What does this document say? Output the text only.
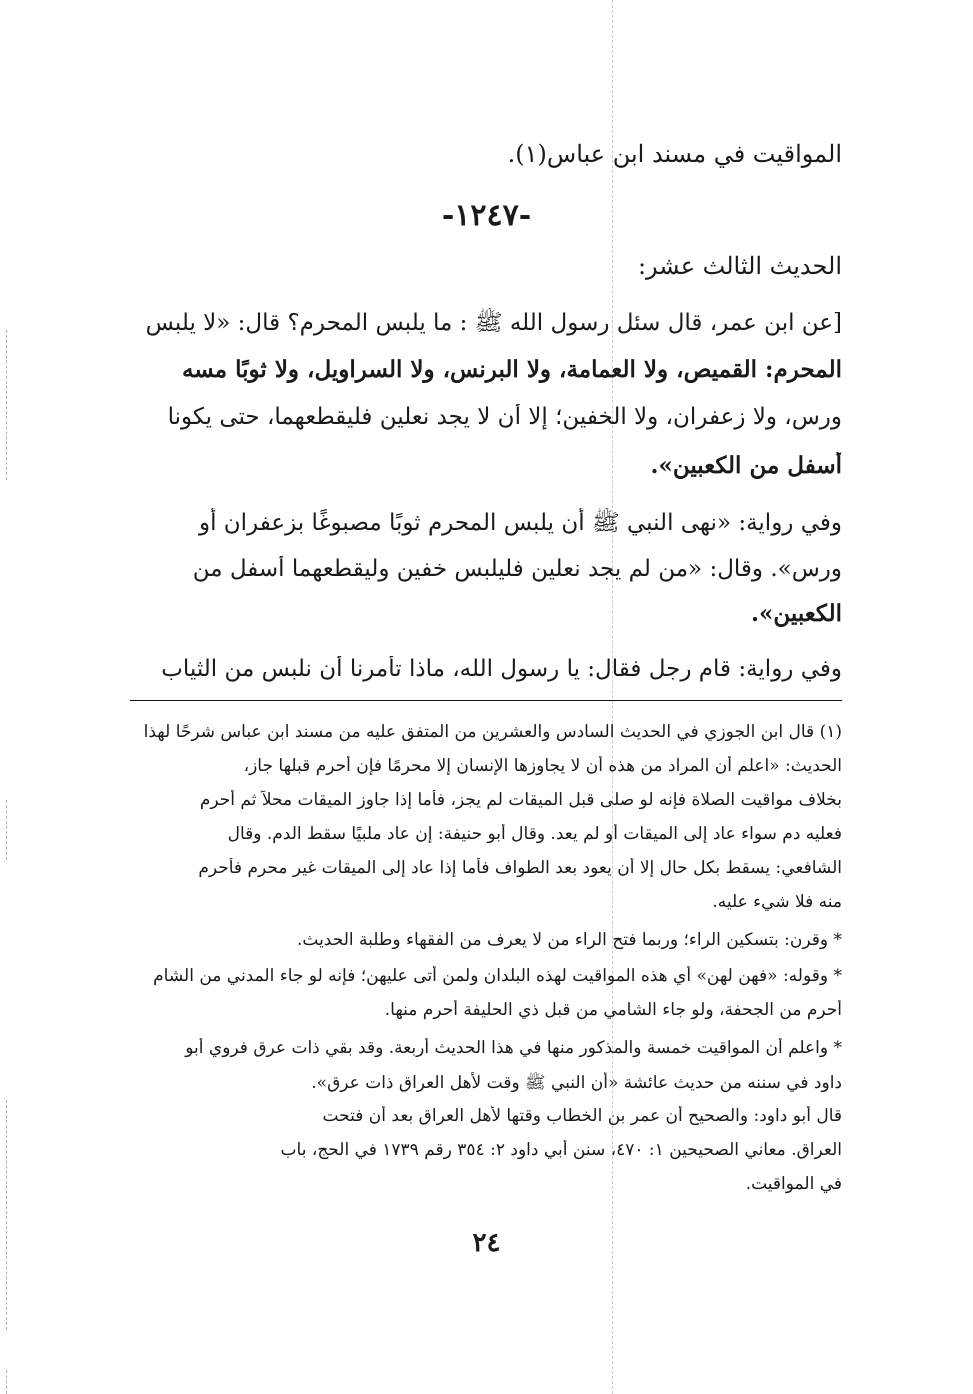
المواقيت في مسند ابن عباس(١).
-١٢٤٧-
الحديث الثالث عشر:
[عن ابن عمر، قال سئل رسول الله ﷺ : ما يلبس المحرم؟ قال: «لا يلبس
المحرم: القميص، ولا العمامة، ولا البرنس، ولا السراويل، ولا ثوبًا مسه
ورس، ولا زعفران، ولا الخفين؛ إلا أن لا يجد نعلين فليقطعهما، حتى يكونا
أسفل من الكعبين».
وفي رواية: «نهى النبي ﷺ أن يلبس المحرم ثوبًا مصبوغًا بزعفران أو
ورس». وقال: «من لم يجد نعلين فليلبس خفين وليقطعهما أسفل من
الكعبين».
وفي رواية: قام رجل فقال: يا رسول الله، ماذا تأمرنا أن نلبس من الثياب
(١) قال ابن الجوزي في الحديث السادس والعشرين من المتفق عليه من مسند ابن عباس شرحًا لهذا
الحديث: «اعلم أن المراد من هذه أن لا يجاوزها الإنسان إلا محرمًا فإن أحرم قبلها جاز،
بخلاف مواقيت الصلاة فإنه لو صلى قبل الميقات لم يجز، فأما إذا جاوز الميقات محلاً ثم أحرم
فعليه دم سواء عاد إلى الميقات أو لم يعد. وقال أبو حنيفة: إن عاد ملبيًا سقط الدم. وقال
الشافعي: يسقط بكل حال إلا أن يعود بعد الطواف فأما إذا عاد إلى الميقات غير محرم فأحرم
منه فلا شيء عليه.
* وقرن: بتسكين الراء؛ وربما فتح الراء من لا يعرف من الفقهاء وطلبة الحديث.
* وقوله: «فهن لهن» أي هذه المواقيت لهذه البلدان ولمن أتى عليهن؛ فإنه لو جاء المدني من الشام
أحرم من الجحفة، ولو جاء الشامي من قبل ذي الحليفة أحرم منها.
* واعلم أن المواقيت خمسة والمذكور منها في هذا الحديث أربعة. وقد بقي ذات عرق فروي أبو
داود في سننه من حديث عائشة «أن النبي ﷺ وقت لأهل العراق ذات عرق».
قال أبو داود: والصحيح أن عمر بن الخطاب وقتها لأهل العراق بعد أن فتحت
العراق. معاني الصحيحين ١: ٤٧٠، سنن أبي داود ٢: ٣٥٤ رقم ١٧٣٩ في الحج، باب
في المواقيت.
٢٤
